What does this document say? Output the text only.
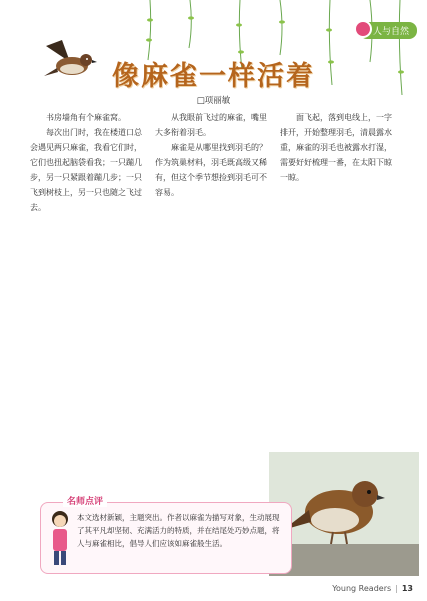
人与自然
像麻雀一样活着
□项丽敏

书房墙角有个麻雀窝。

每次出门时，我在楼道口总会遇见两只麻雀，我看它们时，它们也扭起脑袋看我；一只蹦几步，另一只紧跟着蹦几步；一只飞到树枝上，另一只也随之飞过去。

从我眼前飞过的麻雀，嘴里大多衔着羽毛。

麻雀是从哪里找到羽毛的？作为筑巢材料，羽毛既高级又稀有，但这个季节想捡到羽毛可不容易。

面飞起，落到电线上，一字排开，开始整理羽毛，清晨露水重，麻雀的羽毛也被露水打湿，需要好好梳理一番，在太阳下晾一晾。

名师点评

本文选材新颖，主题突出。作者以麻雀为描写对象，生动展现了其平凡却坚韧、充满活力的特质，并在结尾处巧妙点题，将人与麻雀相比，倡导人们应该如麻雀般生活。

Young Readers | 13
